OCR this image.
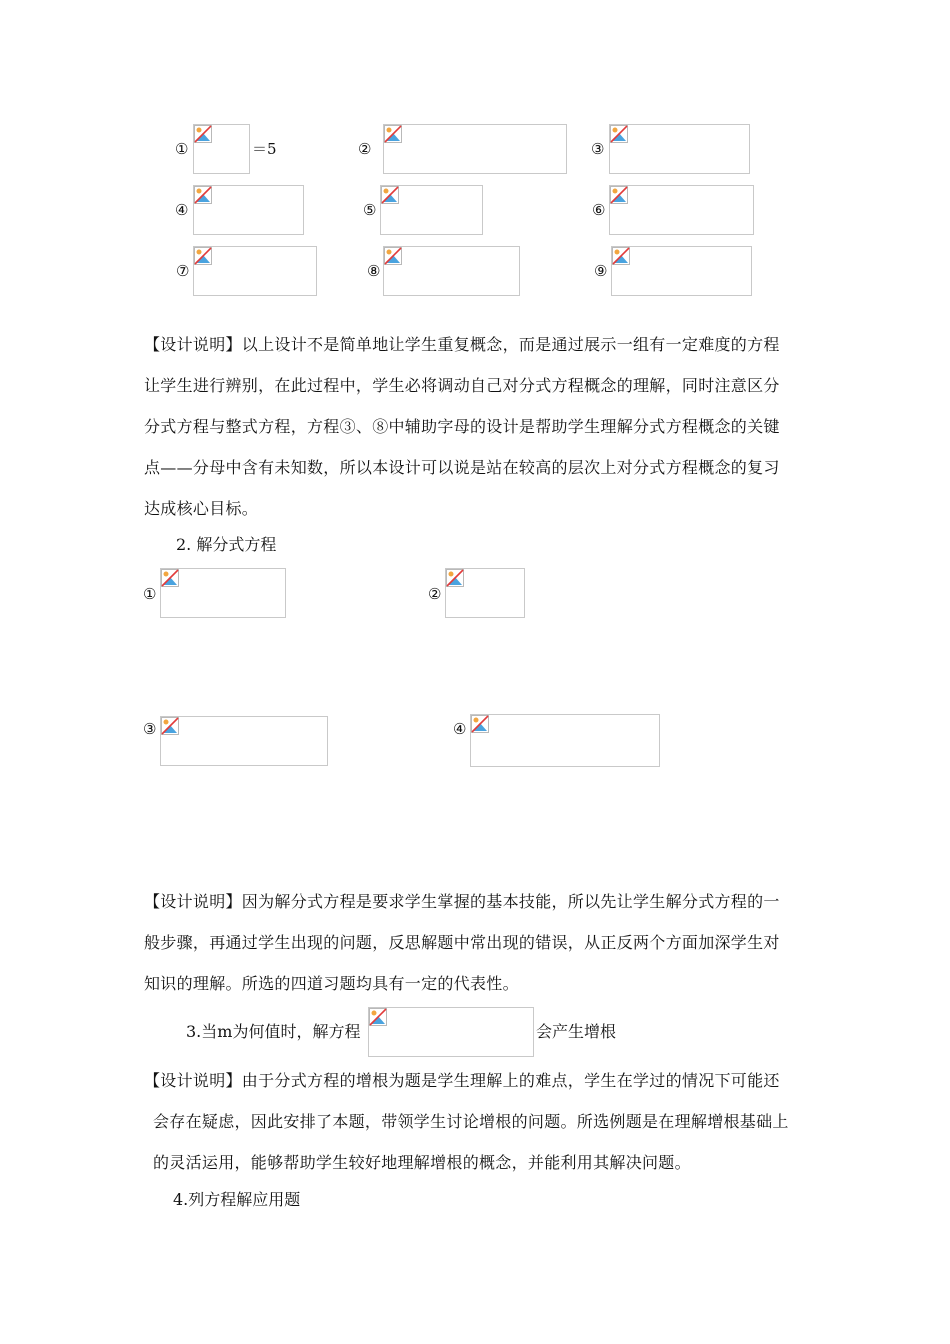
①	＝5	②	③
④	⑤	⑥
⑦	⑧	⑨

【设计说明】以上设计不是简单地让学生重复概念，而是通过展示一组有一定难度的方程

让学生进行辨别，在此过程中，学生必将调动自己对分式方程概念的理解，同时注意区分

分式方程与整式方程，方程③、⑧中辅助字母的设计是帮助学生理解分式方程概念的关键

点——分母中含有未知数，所以本设计可以说是站在较高的层次上对分式方程概念的复习

达成核心目标。

2. 解分式方程
①	②
③	④

【设计说明】因为解分式方程是要求学生掌握的基本技能，所以先让学生解分式方程的一

般步骤，再通过学生出现的问题，反思解题中常出现的错误，从正反两个方面加深学生对

知识的理解。所选的四道习题均具有一定的代表性。

3.当m为何值时，解方程	会产生增根

【设计说明】由于分式方程的增根为题是学生理解上的难点，学生在学过的情况下可能还

会存在疑虑，因此安排了本题，带领学生讨论增根的问题。所选例题是在理解增根基础上

的灵活运用，能够帮助学生较好地理解增根的概念，并能利用其解决问题。

4.列方程解应用题
